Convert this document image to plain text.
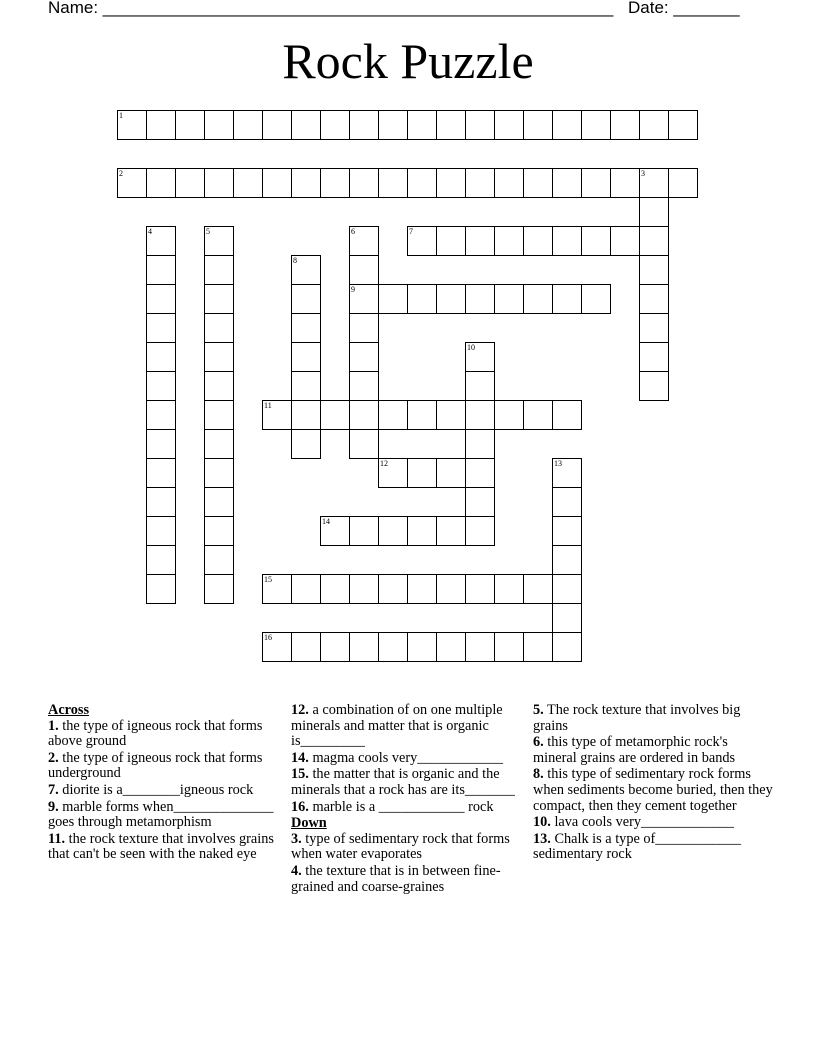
Name: ______________________________________________________ Date: _______
Rock Puzzle
1
2	3
4	5	6
9
7
8
10
11
12	13
14
15
16
Across
1. the type of igneous rock that forms above ground
2. the type of igneous rock that forms underground
7. diorite is a________igneous rock
9. marble forms when______________ goes through metamorphism
11. the rock texture that involves grains that can't be seen with the naked eye
12. a combination of on one multiple minerals and matter that is organic is_________
14. magma cools very____________
15. the matter that is organic and the minerals that a rock has are its_______
16. marble is a ____________ rock
Down
3. type of sedimentary rock that forms when water evaporates
4. the texture that is in between fine-grained and coarse-graines
5. The rock texture that involves big grains
6. this type of metamorphic rock's mineral grains are ordered in bands
8. this type of sedimentary rock forms when sediments become buried, then they compact, then they cement together
10. lava cools very_____________
13. Chalk is a type of____________ sedimentary rock
